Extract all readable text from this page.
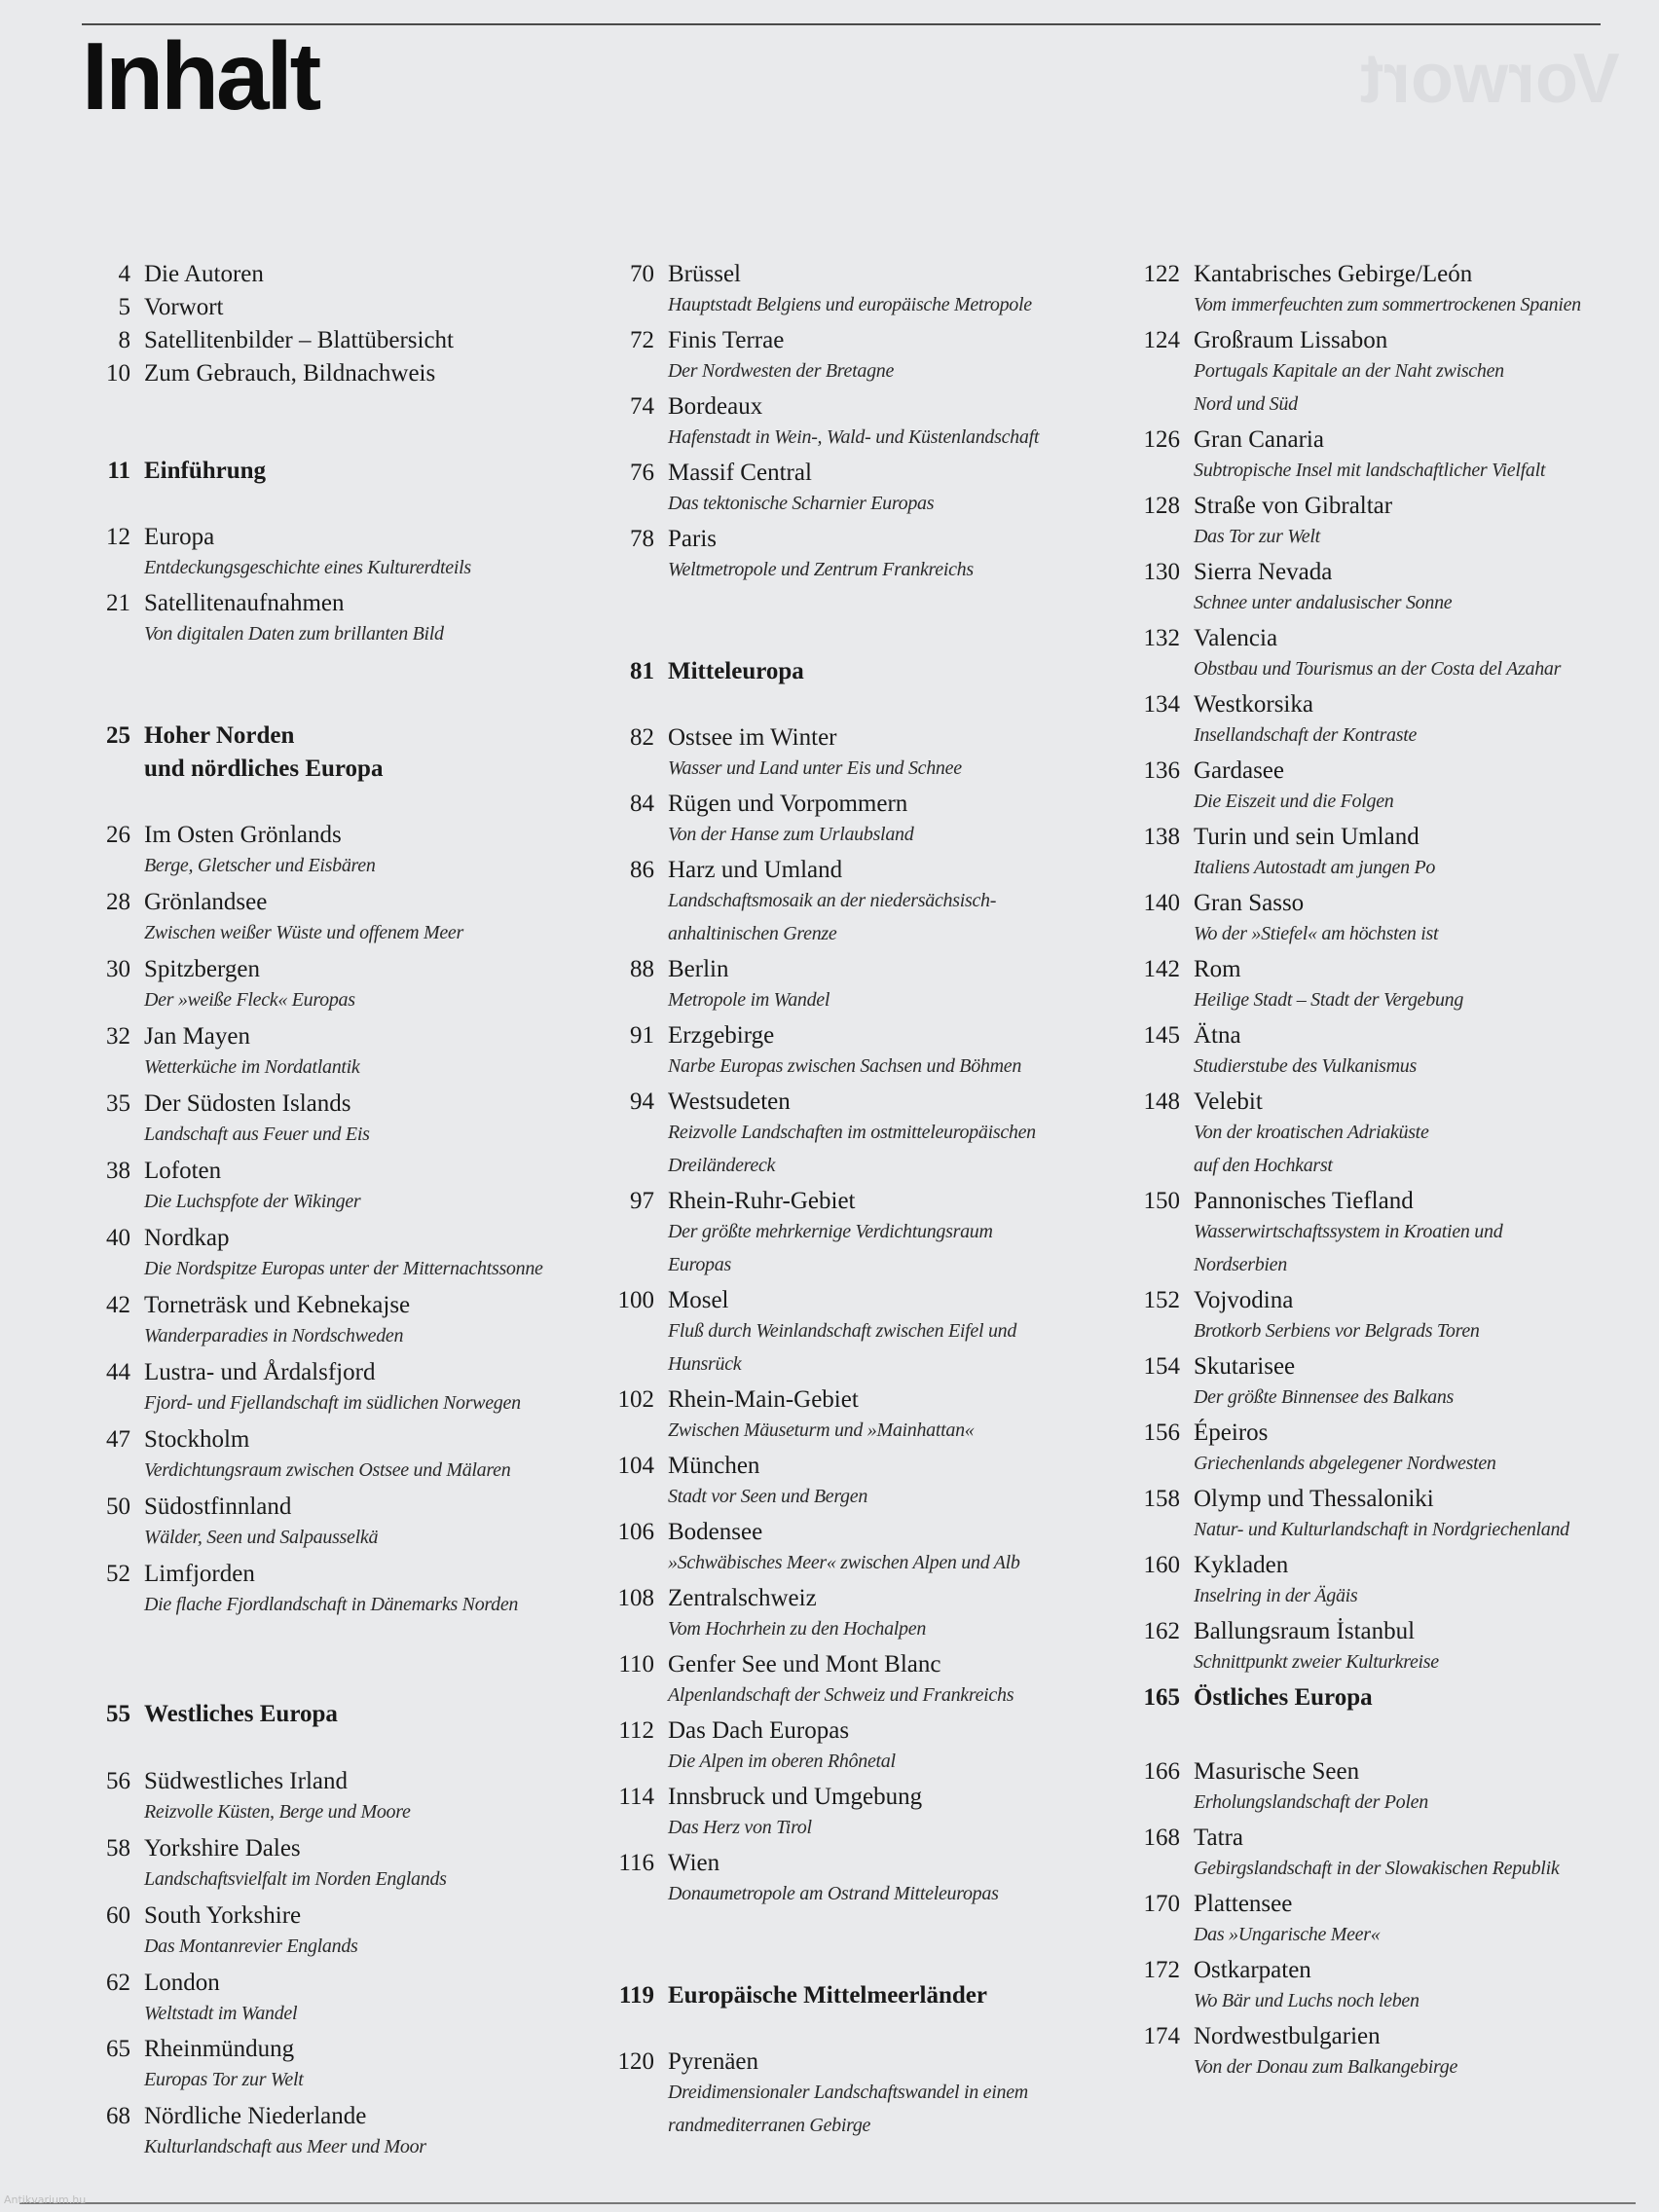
Vorwort
Inhalt
4 Die Autoren
5 Vorwort
8 Satellitenbilder – Blattübersicht
10 Zum Gebrauch, Bildnachweis
11 Einführung
12 Europa
Entdeckungsgeschichte eines Kulturerdteils
21 Satellitenaufnahmen
Von digitalen Daten zum brillanten Bild
25 Hoher Norden
und nördliches Europa
26 Im Osten Grönlands
Berge, Gletscher und Eisbären
28 Grönlandsee
Zwischen weißer Wüste und offenem Meer
30 Spitzbergen
Der »weiße Fleck« Europas
32 Jan Mayen
Wetterküche im Nordatlantik
35 Der Südosten Islands
Landschaft aus Feuer und Eis
38 Lofoten
Die Luchspfote der Wikinger
40 Nordkap
Die Nordspitze Europas unter der Mitternachtssonne
42 Torneträsk und Kebnekajse
Wanderparadies in Nordschweden
44 Lustra- und Årdalsfjord
Fjord- und Fjellandschaft im südlichen Norwegen
47 Stockholm
Verdichtungsraum zwischen Ostsee und Mälaren
50 Südostfinnland
Wälder, Seen und Salpausselkä
52 Limfjorden
Die flache Fjordlandschaft in Dänemarks Norden
55 Westliches Europa
56 Südwestliches Irland
Reizvolle Küsten, Berge und Moore
58 Yorkshire Dales
Landschaftsvielfalt im Norden Englands
60 South Yorkshire
Das Montanrevier Englands
62 London
Weltstadt im Wandel
65 Rheinmündung
Europas Tor zur Welt
68 Nördliche Niederlande
Kulturlandschaft aus Meer und Moor
70 Brüssel
Hauptstadt Belgiens und europäische Metropole
72 Finis Terrae
Der Nordwesten der Bretagne
74 Bordeaux
Hafenstadt in Wein-, Wald- und Küstenlandschaft
76 Massif Central
Das tektonische Scharnier Europas
78 Paris
Weltmetropole und Zentrum Frankreichs
81 Mitteleuropa
82 Ostsee im Winter
Wasser und Land unter Eis und Schnee
84 Rügen und Vorpommern
Von der Hanse zum Urlaubsland
86 Harz und Umland
Landschaftsmosaik an der niedersächsisch-
anhaltinischen Grenze
88 Berlin
Metropole im Wandel
91 Erzgebirge
Narbe Europas zwischen Sachsen und Böhmen
94 Westsudeten
Reizvolle Landschaften im ostmitteleuropäischen
Dreiländereck
97 Rhein-Ruhr-Gebiet
Der größte mehrkernige Verdichtungsraum
Europas
100 Mosel
Fluß durch Weinlandschaft zwischen Eifel und
Hunsrück
102 Rhein-Main-Gebiet
Zwischen Mäuseturm und »Mainhattan«
104 München
Stadt vor Seen und Bergen
106 Bodensee
»Schwäbisches Meer« zwischen Alpen und Alb
108 Zentralschweiz
Vom Hochrhein zu den Hochalpen
110 Genfer See und Mont Blanc
Alpenlandschaft der Schweiz und Frankreichs
112 Das Dach Europas
Die Alpen im oberen Rhônetal
114 Innsbruck und Umgebung
Das Herz von Tirol
116 Wien
Donaumetropole am Ostrand Mitteleuropas
119 Europäische Mittelmeerländer
120 Pyrenäen
Dreidimensionaler Landschaftswandel in einem
randmediterranen Gebirge
122 Kantabrisches Gebirge/León
Vom immerfeuchten zum sommertrockenen Spanien
124 Großraum Lissabon
Portugals Kapitale an der Naht zwischen
Nord und Süd
126 Gran Canaria
Subtropische Insel mit landschaftlicher Vielfalt
128 Straße von Gibraltar
Das Tor zur Welt
130 Sierra Nevada
Schnee unter andalusischer Sonne
132 Valencia
Obstbau und Tourismus an der Costa del Azahar
134 Westkorsika
Insellandschaft der Kontraste
136 Gardasee
Die Eiszeit und die Folgen
138 Turin und sein Umland
Italiens Autostadt am jungen Po
140 Gran Sasso
Wo der »Stiefel« am höchsten ist
142 Rom
Heilige Stadt – Stadt der Vergebung
145 Ätna
Studierstube des Vulkanismus
148 Velebit
Von der kroatischen Adriaküste
auf den Hochkarst
150 Pannonisches Tiefland
Wasserwirtschaftssystem in Kroatien und
Nordserbien
152 Vojvodina
Brotkorb Serbiens vor Belgrads Toren
154 Skutarisee
Der größte Binnensee des Balkans
156 Épeiros
Griechenlands abgelegener Nordwesten
158 Olymp und Thessaloniki
Natur- und Kulturlandschaft in Nordgriechenland
160 Kykladen
Inselring in der Ägäis
162 Ballungsraum İstanbul
Schnittpunkt zweier Kulturkreise
165 Östliches Europa
166 Masurische Seen
Erholungslandschaft der Polen
168 Tatra
Gebirgslandschaft in der Slowakischen Republik
170 Plattensee
Das »Ungarische Meer«
172 Ostkarpaten
Wo Bär und Luchs noch leben
174 Nordwestbulgarien
Von der Donau zum Balkangebirge
Antikvarium.hu
